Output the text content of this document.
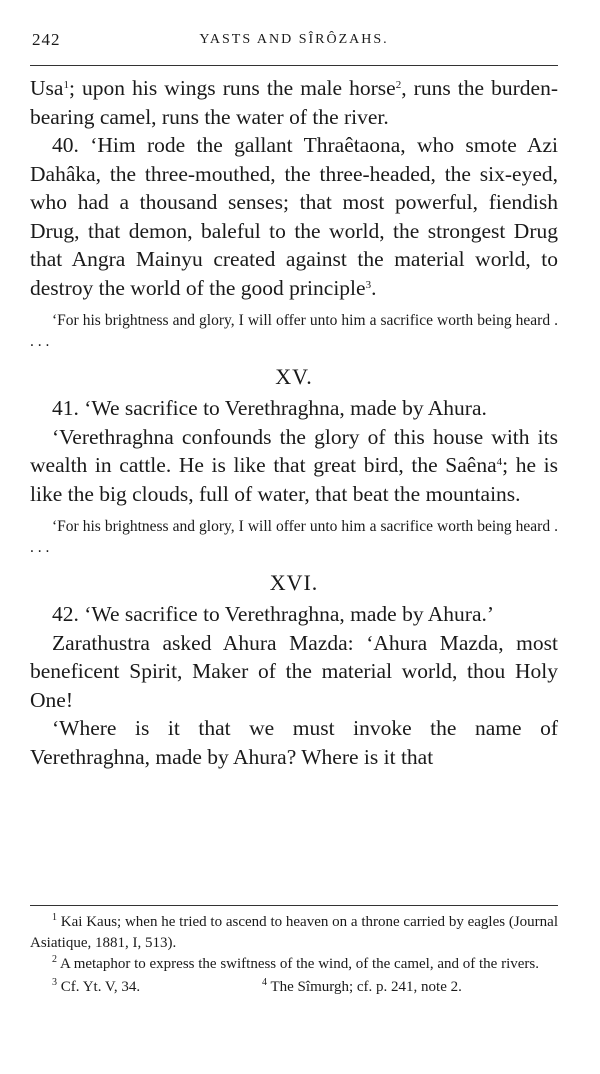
242	YASTS AND SÎRÔZAHS.

Usa$^1$; upon his wings runs the male horse$^2$, runs the burden-bearing camel, runs the water of the river.

40. ‘Him rode the gallant Thraêtaona, who smote Azi Dahâka, the three-mouthed, the three-headed, the six-eyed, who had a thousand senses; that most powerful, fiendish Drug, that demon, baleful to the world, the strongest Drug that Angra Mainyu created against the material world, to destroy the world of the good principle$^3$.

‘For his brightness and glory, I will offer unto him a sacrifice worth being heard . . . .

XV.

41. ‘We sacrifice to Verethraghna, made by Ahura.

‘Verethraghna confounds the glory of this house with its wealth in cattle. He is like that great bird, the Saêna$^4$; he is like the big clouds, full of water, that beat the mountains.

‘For his brightness and glory, I will offer unto him a sacrifice worth being heard . . . .

XVI.

42. ‘We sacrifice to Verethraghna, made by Ahura.’

Zarathustra asked Ahura Mazda: ‘Ahura Mazda, most beneficent Spirit, Maker of the material world, thou Holy One!

‘Where is it that we must invoke the name of Verethraghna, made by Ahura? Where is it that

$^1$ Kai Kaus; when he tried to ascend to heaven on a throne carried by eagles (Journal Asiatique, 1881, I, 513).

$^2$ A metaphor to express the swiftness of the wind, of the camel, and of the rivers.

$^3$ Cf. Yt. V, 34.	$^4$ The Sîmurgh; cf. p. 241, note 2.
